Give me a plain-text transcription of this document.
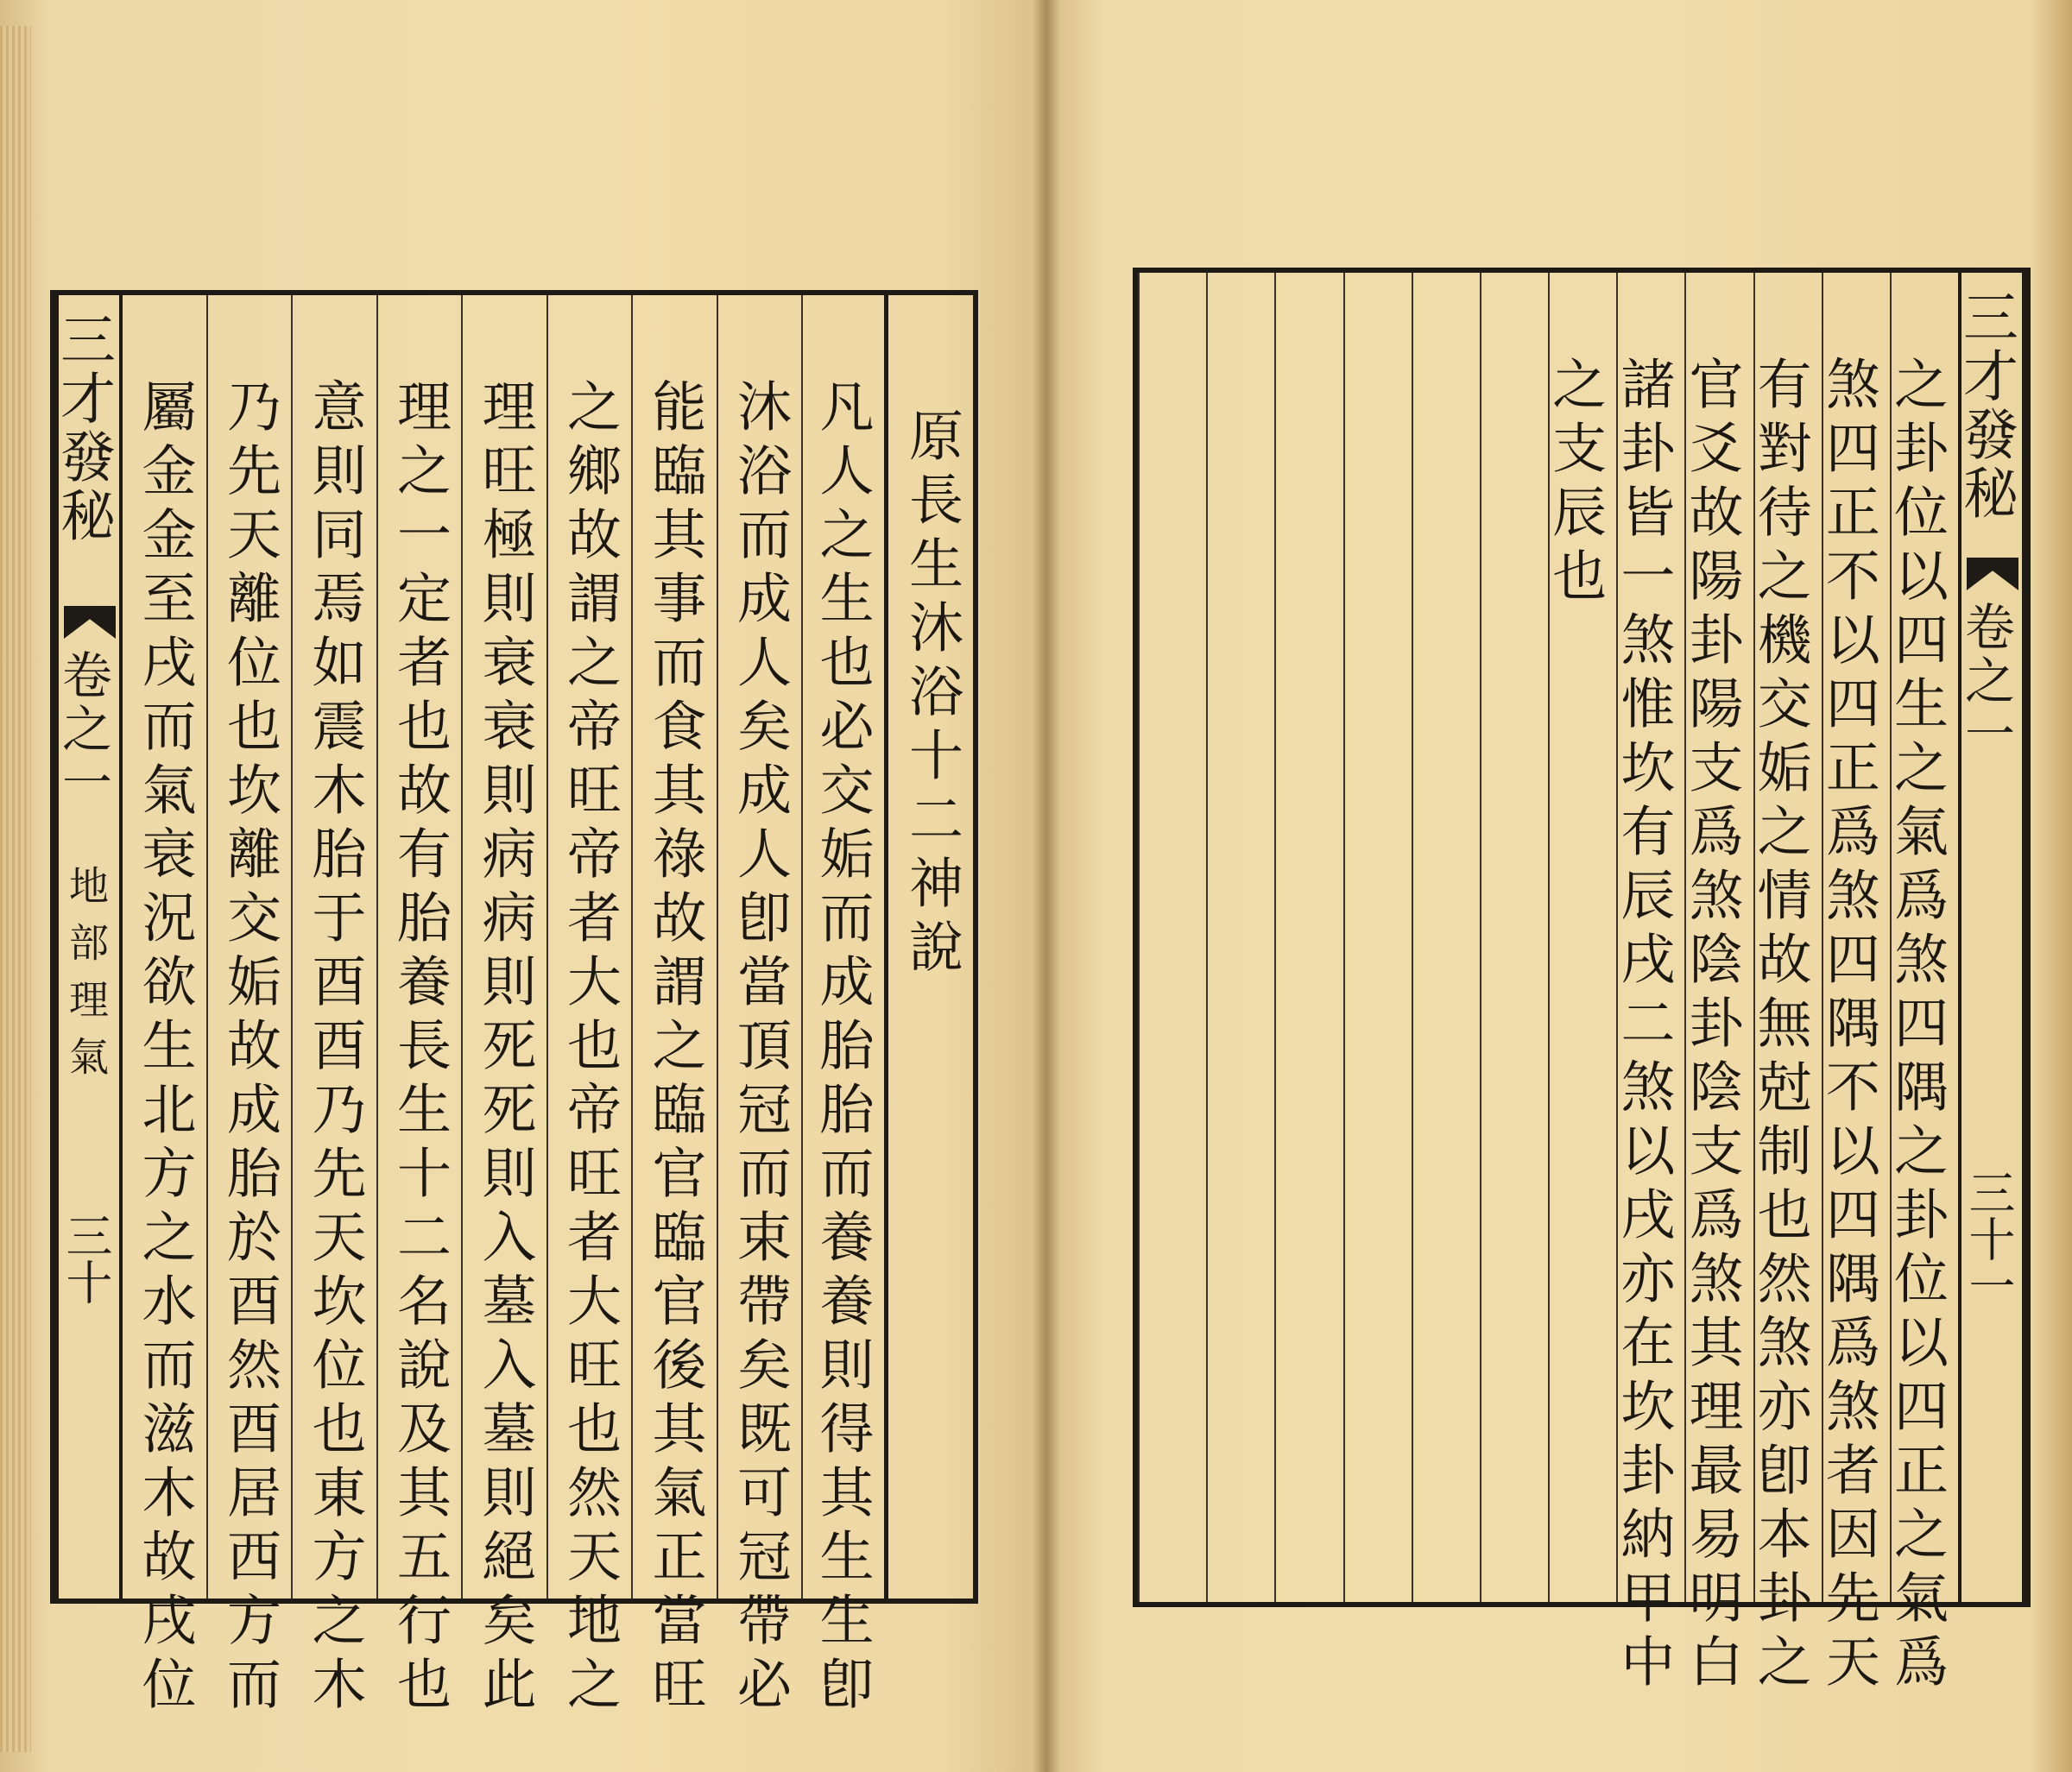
三才發秘
卷之一
地部理氣
三十
原長生沐浴十二神說
凡人之生也必交姤而成胎胎而養養則得其生生卽
沐浴而成人矣成人卽當頂冠而束帶矣既可冠帶必
能臨其事而食其祿故謂之臨官臨官後其氣正當旺
之鄉故謂之帝旺帝者大也帝旺者大旺也然天地之
理旺極則衰衰則病病則死死則入墓入墓則絕矣此
理之一定者也故有胎養長生十二名說及其五行也
意則同焉如震木胎于酉酉乃先天坎位也東方之木
乃先天離位也坎離交姤故成胎於酉然酉居西方而
屬金金至戌而氣衰況欲生北方之水而滋木故戌位	三才發秘
卷之一
三十一
之卦位以四生之氣爲煞四隅之卦位以四正之氣爲
煞四正不以四正爲煞四隅不以四隅爲煞者因先天
有對待之機交姤之情故無尅制也然煞亦卽本卦之
官爻故陽卦陽支爲煞陰卦陰支爲煞其理最易明白
諸卦皆一煞惟坎有辰戌二煞以戌亦在坎卦納甲中
之支辰也
